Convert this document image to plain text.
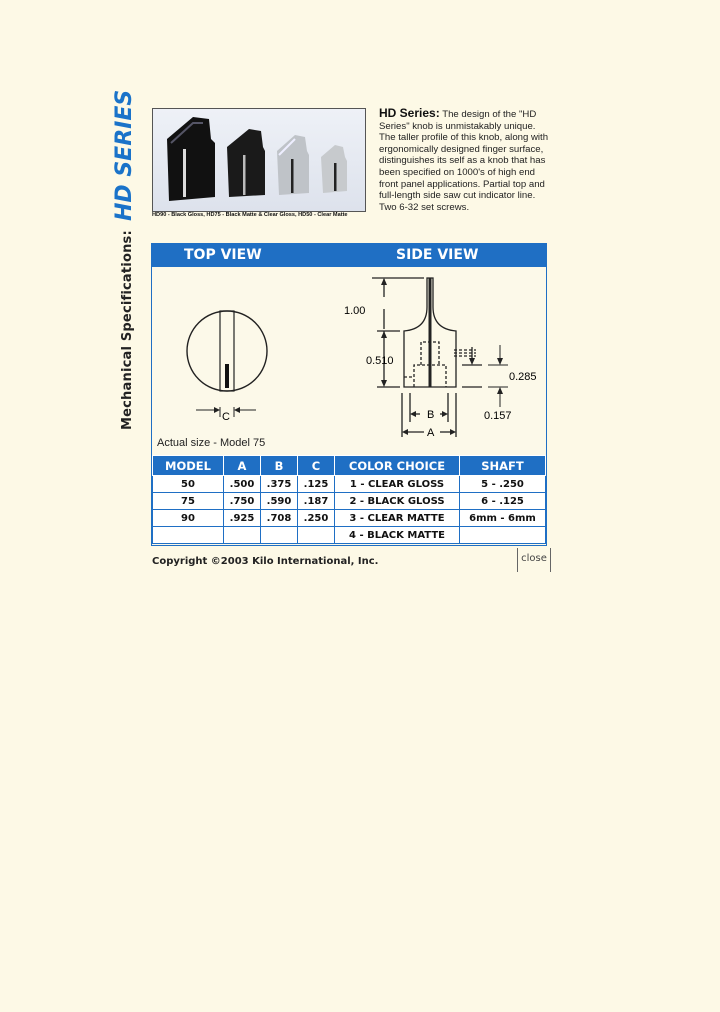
Mechanical Specifications: HD SERIES	HD90 - Black Gloss, HD75 - Black Matte & Clear Gloss, HD50 - Clear Matte
HD Series: The design of the "HD Series" knob is unmistakably unique. The taller profile of this knob, along with ergonomically designed finger surface, distinguishes its self as a knob that has been specified on 1000's of high end front panel applications. Partial top and full-length side saw cut indicator line. Two 6-32 set screws.
TOP VIEW	SIDE VIEW
C
1.00
0.510
0.285
0.157
B
A
Actual size - Model 75
MODEL	A	B	C	COLOR CHOICE	SHAFT
50	.500	.375	.125	1 - CLEAR GLOSS	5 - .250
75	.750	.590	.187	2 - BLACK GLOSS	6 - .125
90	.925	.708	.250	3 - CLEAR MATTE	6mm - 6mm
				4 - BLACK MATTE	
Copyright ©2003 Kilo International, Inc.	close
